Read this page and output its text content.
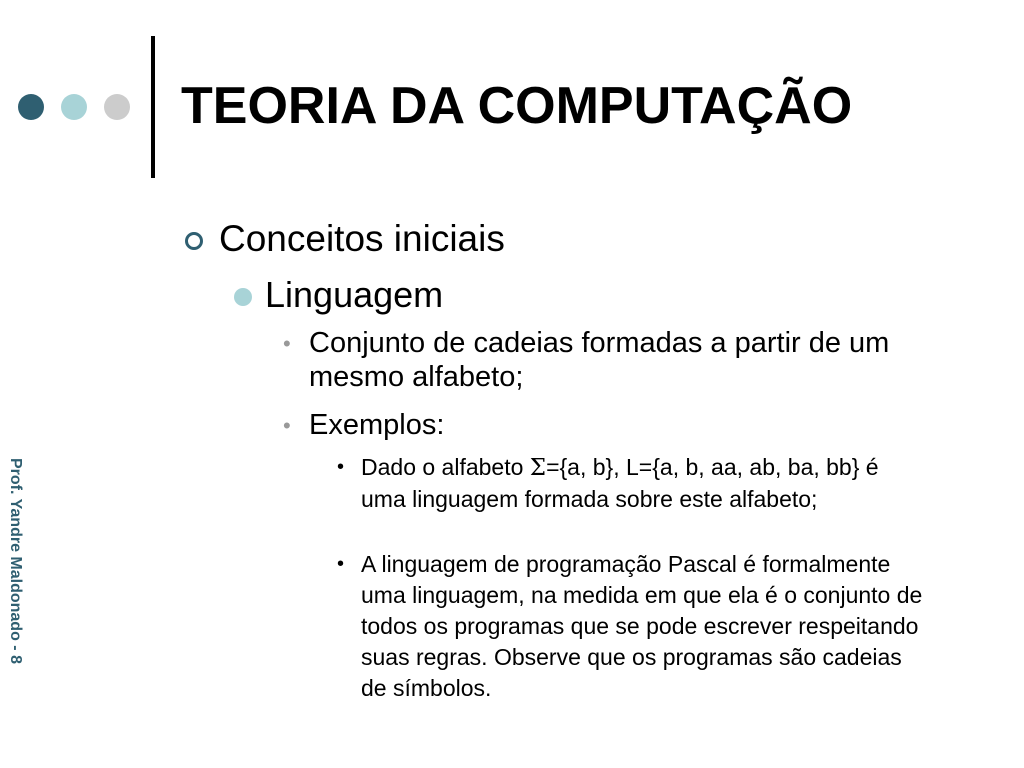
TEORIA DA COMPUTAÇÃO
Prof. Yandre Maldonado - 8
Conceitos iniciais
Linguagem
• Conjunto de cadeias formadas a partir de um mesmo alfabeto;
• Exemplos:
• Dado o alfabeto Σ={a, b}, L={a, b, aa, ab, ba, bb} é uma linguagem formada sobre este alfabeto;
• A linguagem de programação Pascal é formalmente uma linguagem, na medida em que ela é o conjunto de todos os programas que se pode escrever respeitando suas regras. Observe que os programas são cadeias de símbolos.
